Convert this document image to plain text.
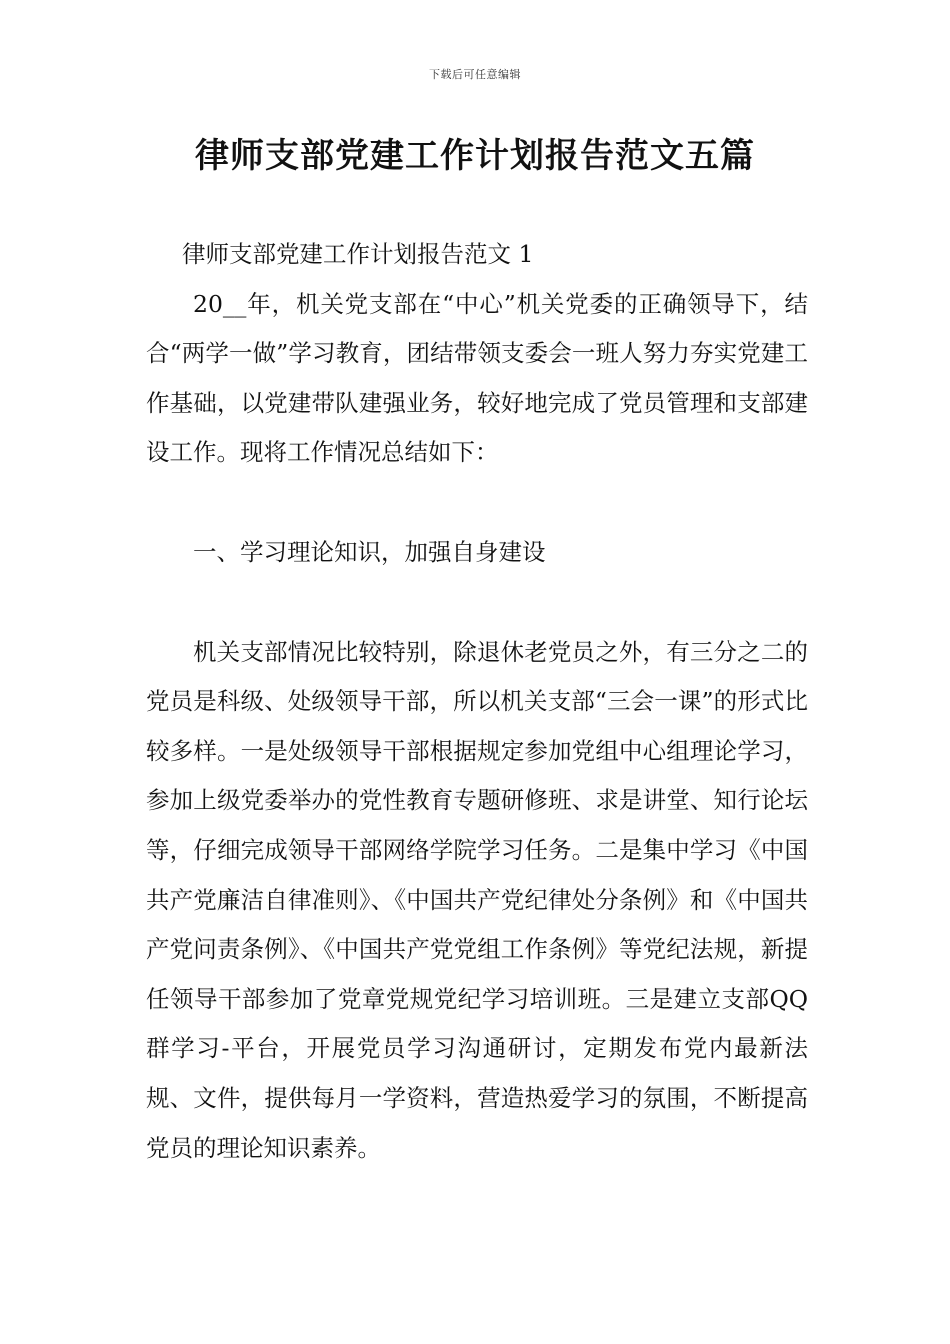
下载后可任意编辑
律师支部党建工作计划报告范文五篇

律师支部党建工作计划报告范文 1

20__年，机关党支部在“中心”机关党委的正确领导下，结合“两学一做”学习教育，团结带领支委会一班人努力夯实党建工作基础，以党建带队建强业务，较好地完成了党员管理和支部建设工作。现将工作情况总结如下：

一、学习理论知识，加强自身建设

机关支部情况比较特别，除退休老党员之外，有三分之二的党员是科级、处级领导干部，所以机关支部“三会一课”的形式比较多样。一是处级领导干部根据规定参加党组中心组理论学习，参加上级党委举办的党性教育专题研修班、求是讲堂、知行论坛等，仔细完成领导干部网络学院学习任务。二是集中学习《中国共产党廉洁自律准则》、《中国共产党纪律处分条例》和《中国共产党问责条例》、《中国共产党党组工作条例》等党纪法规，新提任领导干部参加了党章党规党纪学习培训班。三是建立支部QQ群学习-平台，开展党员学习沟通研讨，定期发布党内最新法规、文件，提供每月一学资料，营造热爱学习的氛围，不断提高党员的理论知识素养。
